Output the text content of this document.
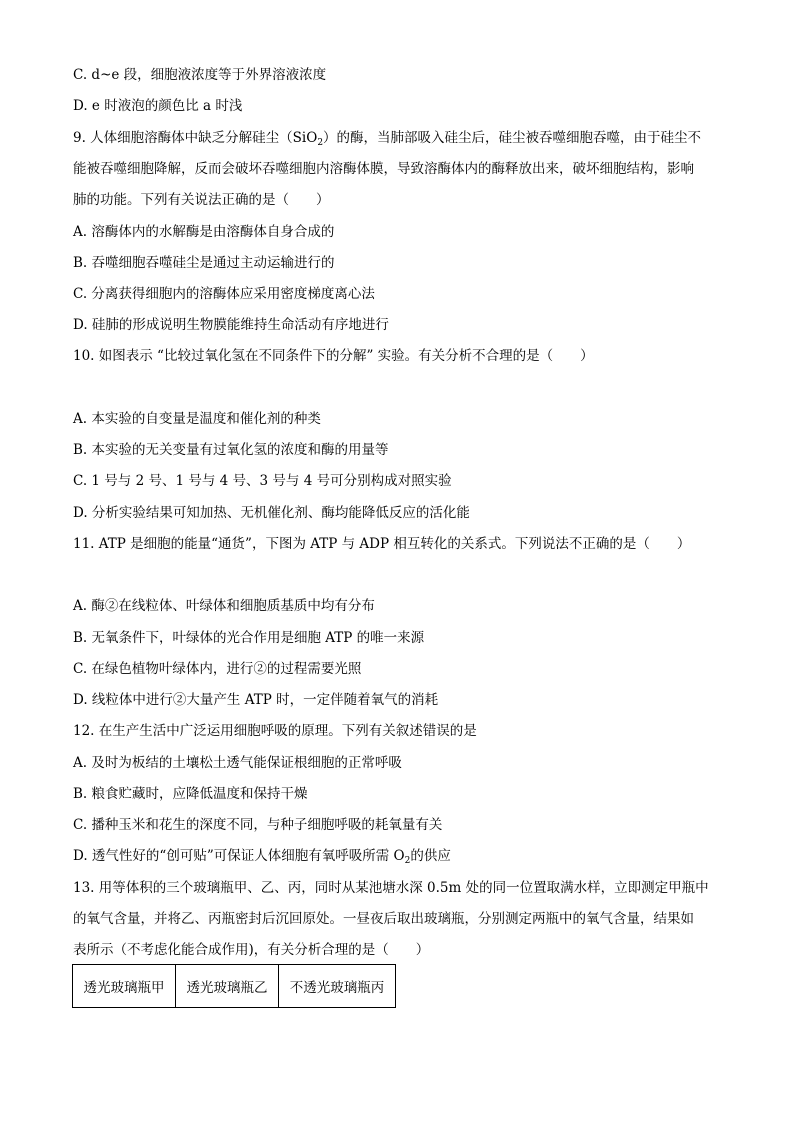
C. d~e 段，细胞液浓度等于外界溶液浓度
D. e 时液泡的颜色比 a 时浅
9. 人体细胞溶酶体中缺乏分解硅尘（SiO$_2$）的酶，当肺部吸入硅尘后，硅尘被吞噬细胞吞噬，由于硅尘不
能被吞噬细胞降解，反而会破坏吞噬细胞内溶酶体膜，导致溶酶体内的酶释放出来，破坏细胞结构，影响
肺的功能。下列有关说法正确的是（　　）
A. 溶酶体内的水解酶是由溶酶体自身合成的
B. 吞噬细胞吞噬硅尘是通过主动运输进行的
C. 分离获得细胞内的溶酶体应采用密度梯度离心法
D. 硅肺的形成说明生物膜能维持生命活动有序地进行
10. 如图表示 “比较过氧化氢在不同条件下的分解” 实验。有关分析不合理的是（　　）
A. 本实验的自变量是温度和催化剂的种类
B. 本实验的无关变量有过氧化氢的浓度和酶的用量等
C. 1 号与 2 号、1 号与 4 号、3 号与 4 号可分别构成对照实验
D. 分析实验结果可知加热、无机催化剂、酶均能降低反应的活化能
11. ATP 是细胞的能量“通货”，下图为 ATP 与 ADP 相互转化的关系式。下列说法不正确的是（　　）
A. 酶②在线粒体、叶绿体和细胞质基质中均有分布
B. 无氧条件下，叶绿体的光合作用是细胞 ATP 的唯一来源
C. 在绿色植物叶绿体内，进行②的过程需要光照
D. 线粒体中进行②大量产生 ATP 时，一定伴随着氧气的消耗
12. 在生产生活中广泛运用细胞呼吸的原理。下列有关叙述错误的是
A. 及时为板结的土壤松土透气能保证根细胞的正常呼吸
B. 粮食贮藏时，应降低温度和保持干燥
C. 播种玉米和花生的深度不同，与种子细胞呼吸的耗氧量有关
D. 透气性好的“创可贴”可保证人体细胞有氧呼吸所需 $O_2$的供应
13. 用等体积的三个玻璃瓶甲、乙、丙，同时从某池塘水深 0.5m 处的同一位置取满水样，立即测定甲瓶中
的氧气含量，并将乙、丙瓶密封后沉回原处。一昼夜后取出玻璃瓶，分别测定两瓶中的氧气含量，结果如
表所示（不考虑化能合成作用)，有关分析合理的是（　　）
透光玻璃瓶甲	透光玻璃瓶乙	不透光玻璃瓶丙
